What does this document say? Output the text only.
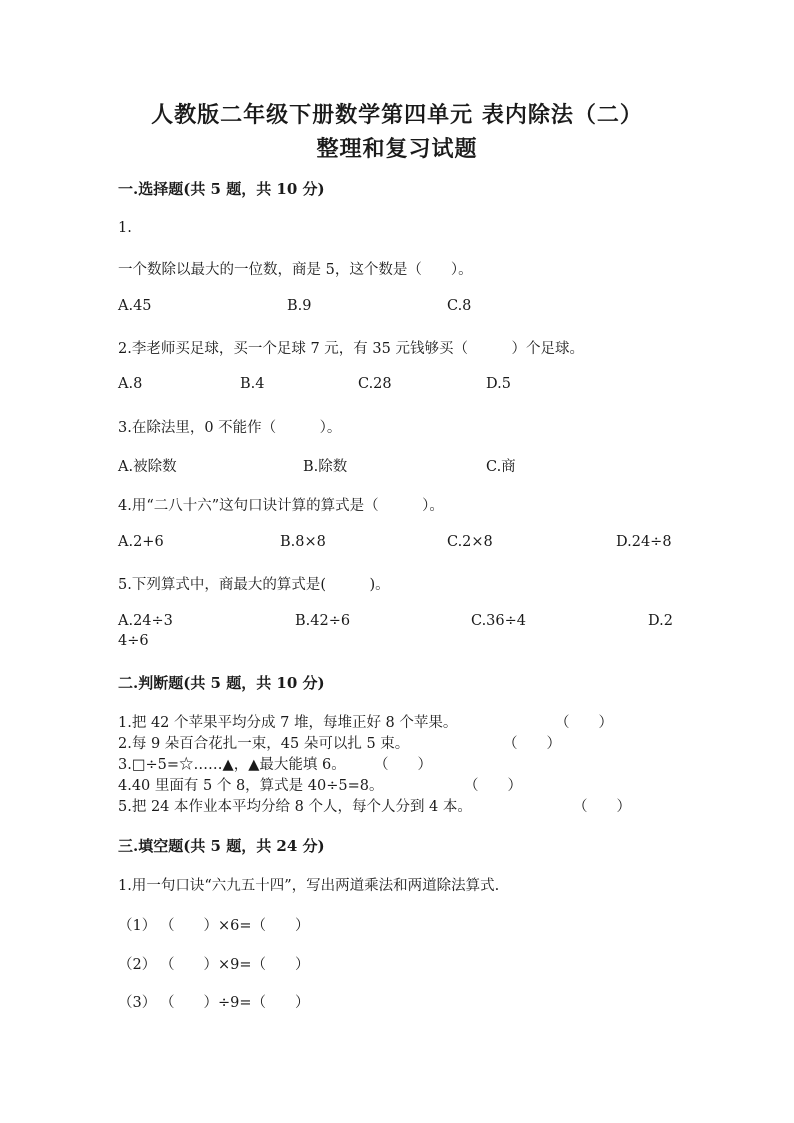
人教版二年级下册数学第四单元 表内除法（二）
整理和复习试题
一.选择题(共 5 题，共 10 分)
1.
一个数除以最大的一位数，商是 5，这个数是（　　）。
A.45	B.9	C.8
2.李老师买足球，买一个足球 7 元，有 35 元钱够买（　　　）个足球。
A.8	B.4	C.28	D.5
3.在除法里，0 不能作（　　　）。
A.被除数	B.除数	C.商
4.用“二八十六”这句口诀计算的算式是（　　　）。
A.2+6	B.8×8	C.2×8	D.24÷8
5.下列算式中，商最大的算式是(　　　)。
A.24÷3	B.42÷6	C.36÷4	D.2
4÷6
二.判断题(共 5 题，共 10 分)
1.把 42 个苹果平均分成 7 堆，每堆正好 8 个苹果。	（　　）
2.每 9 朵百合花扎一束，45 朵可以扎 5 束。	（　　）
3.□÷5=☆……▲，▲最大能填 6。 （　　）
4.40 里面有 5 个 8，算式是 40÷5=8。	（　　）
5.把 24 本作业本平均分给 8 个人，每个人分到 4 本。	（　　）
三.填空题(共 5 题，共 24 分)
1.用一句口诀“六九五十四”，写出两道乘法和两道除法算式.
（1） （　　）×6=（　　）
（2） （　　）×9=（　　）
（3） （　　）÷9=（　　）
